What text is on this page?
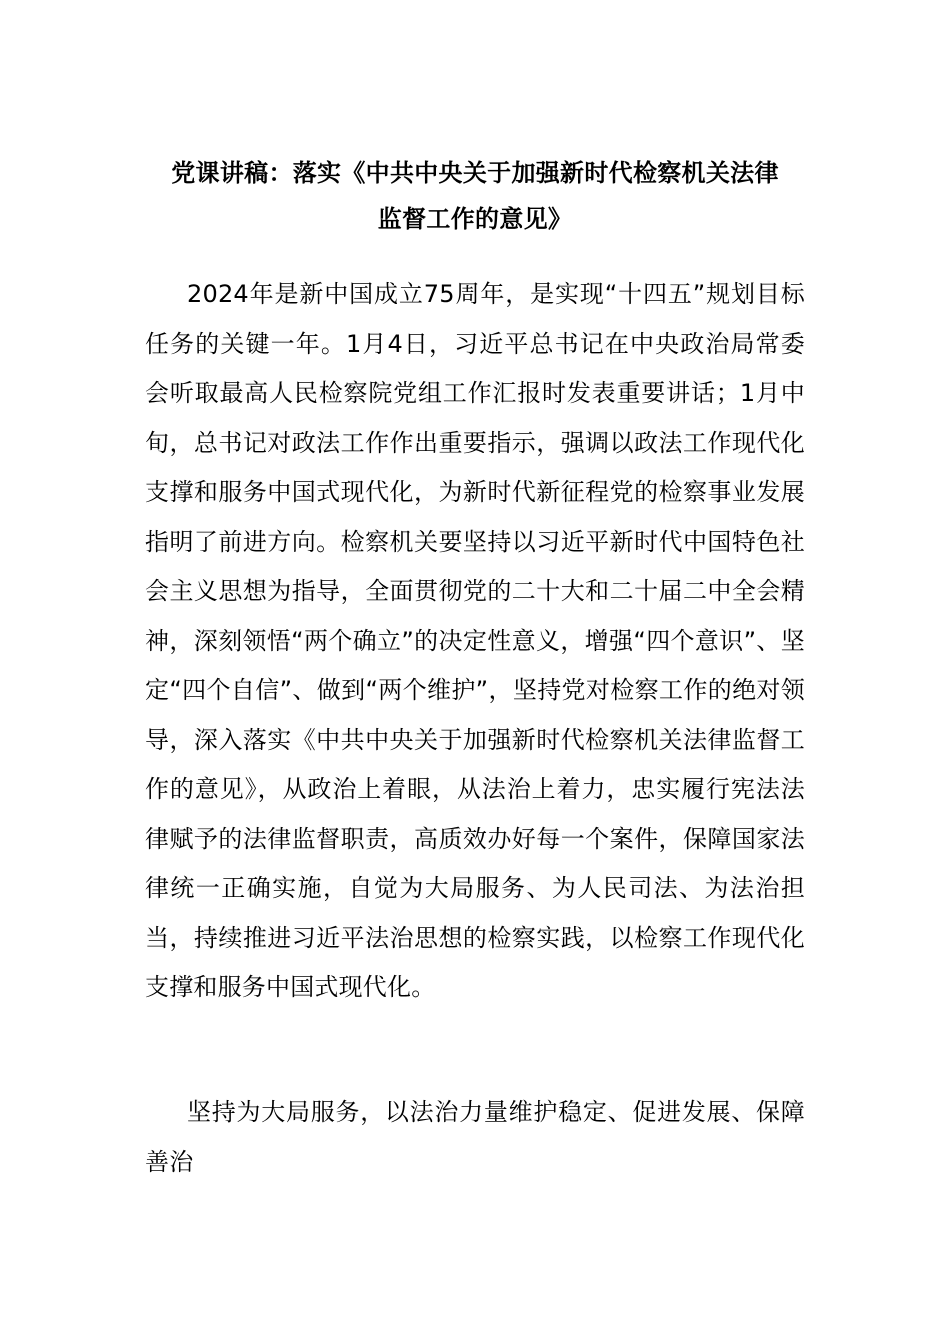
党课讲稿：落实《中共中央关于加强新时代检察机关法律
监督工作的意见》

2024年是新中国成立75周年，是实现“十四五”规划目标任务的关键一年。1月4日，习近平总书记在中央政治局常委会听取最高人民检察院党组工作汇报时发表重要讲话；1月中旬，总书记对政法工作作出重要指示，强调以政法工作现代化支撑和服务中国式现代化，为新时代新征程党的检察事业发展指明了前进方向。检察机关要坚持以习近平新时代中国特色社会主义思想为指导，全面贯彻党的二十大和二十届二中全会精神，深刻领悟“两个确立”的决定性意义，增强“四个意识”、坚定“四个自信”、做到“两个维护”，坚持党对检察工作的绝对领导，深入落实《中共中央关于加强新时代检察机关法律监督工作的意见》，从政治上着眼，从法治上着力，忠实履行宪法法律赋予的法律监督职责，高质效办好每一个案件，保障国家法律统一正确实施，自觉为大局服务、为人民司法、为法治担当，持续推进习近平法治思想的检察实践，以检察工作现代化支撑和服务中国式现代化。

坚持为大局服务，以法治力量维护稳定、促进发展、保障善治
